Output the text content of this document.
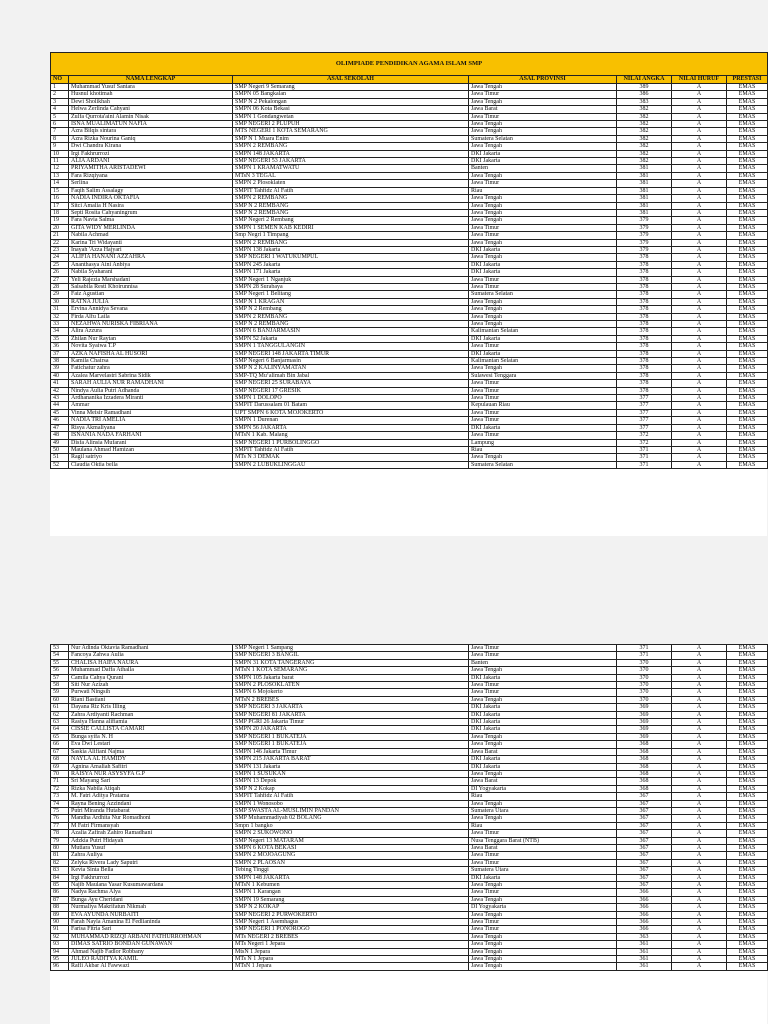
OLIMPIADE PENDIDIKAN AGAMA ISLAM SMP						
NO	NAMA LENGKAP	ASAL SEKOLAH	ASAL PROVINSI	NILAI ANGKA	NILAI HURUF	PRESTASI
1	Muhammad Yusuf Santara	SMP Negeri 9 Semarang	Jawa Tengah	389	A	EMAS
2	Husnul khotimah	SMPN 05 Bangkalan	Jawa Timur	386	A	EMAS
3	Dewi Sholikhah	SMP N 2 Pekalongan	Jawa Tengah	383	A	EMAS
4	Helwa Zerlinda Cahyani	SMPN 06 Kota Bekasi	Jawa Barat	382	A	EMAS
5	Zulfa Qurrota'aini Alamin Nisak	SMPN 1 Gondangwetan	Jawa Timur	382	A	EMAS
6	ISNA MUALIMATUN NAFIA	SMP NEGERI 2 PLUPUH	Jawa Tengah	382	A	EMAS
7	Azra Bilqis sintara	MTS NEGERI 1 KOTA SEMARANG	Jawa Tengah	382	A	EMAS
8	Azra Rizka Nourina Ganiq	SMP N 1 Muara Enim	Sumatera Selatan	382	A	EMAS
9	Dwi Chandra Kirana	SMPN 2 REMBANG	Jawa Tengah	382	A	EMAS
10	Irgi Fakhrurrozi	SMPN 148 JAKARTA	DKI Jakarta	382	A	EMAS
11	ALIA ARDANI	SMP NEGERI 53 JAKARTA	DKI Jakarta	382	A	EMAS
12	PRIYAMITHA ARISTADEWI	SMPN 1 KRAMATWATU	Banten	381	A	EMAS
13	Fara Rizqiyana	MTsN 3 TEGAL	Jawa Tengah	381	A	EMAS
14	Serlina	SMPN 2 Plosoklaten	Jawa Timur	381	A	EMAS
15	Faqih Salim Assalagy	SMPIT Tahfidz Al Fatih	Riau	381	A	EMAS
16	NADIA INDIRA OKTAFIA	SMPN 2 REMBANG	Jawa Tengah	381	A	EMAS
17	Sitci Amalia H Nasira	SMP N 2 REMBANG	Jawa Tengah	381	A	EMAS
18	Septi Rosita Cahyaningrum	SMP N 2 REMBANG	Jawa Tengah	381	A	EMAS
19	Fara Navia Salma	SMP Negeri 2 Rembang	Jawa Tengah	379	A	EMAS
20	GITA WIDY MERLINDA	SMPN 1 SEMEN KAB KEDIRI	Jawa Timur	379	A	EMAS
21	Nabila Achmad	Smp Negri 1 Timpang	Jawa Timur	379	A	EMAS
22	Karina Tri Widayanti	SMPN 2 REMBANG	Jawa Tengah	379	A	EMAS
23	Inayah 'Azza Hajyari	SMPN 138 Jakarta	DKI Jakarta	379	A	EMAS
24	ALIFIA HANANI AZZAHRA	SMP NEGERI 1 WATUKUMPUL	Jawa Tengah	378	A	EMAS
25	Ananthasya Aini Anbiya	SMPN 245 Jakarta	DKI Jakarta	378	A	EMAS
26	Nabila Syaharani	SMPN 171 Jakarta	DKI Jakarta	378	A	EMAS
27	Yeli Rajezia Marshadani	SMP Negeri 1 Nganjuk	Jawa Timur	378	A	EMAS
28	Salsabila Resti Khoirunnisa	SMPN 28 Surabaya	Jawa Timur	378	A	EMAS
29	Faiz Agustian	SMP Negeri 1 Belitang	Sumatera Selatan	378	A	EMAS
30	RATNA JULIA	SMP N 1 KRAGAN	Jawa Tengah	378	A	EMAS
31	Ervina Annidya Sevana	SMP N 2 Rembang	Jawa Tengah	378	A	EMAS
32	Firda Alfu Laila	SMPN 2 REMBANG	Jawa Tengah	378	A	EMAS
33	NEZAHWA NURISKA FIBRIANA	SMP N 2 REMBANG	Jawa Tengah	378	A	EMAS
34	Alira Azzura	SMPN 6 BANJARMASIN	Kalimantan Selatan	378	A	EMAS
35	Zhilan Nur Raytan	SMPN 52 Jakarta	DKI Jakarta	378	A	EMAS
36	Novita Syaiwa T.P	SMPN 1 TANGGULANGIN	Jawa Timur	378	A	EMAS
37	AZKA NAFISHA AL HUSORI	SMP NEGERI 148 JAKARTA TIMUR	DKI Jakarta	378	A	EMAS
38	Kamila Chairsa	SMP Negeri 6 Banjarmasin	Kalimantan Selatan	378	A	EMAS
39	Fatichatur zahra	SMP N 2 KALINYAMATAN	Jawa Tengah	378	A	EMAS
40	Azalea Marvelastri Sabrina Sidik	SMP-TQ Mu‘alimah Bin Jabal	Sulawesi Tenggara	378	A	EMAS
41	SARAH AULIA NUR RAMADHANI	SMP NEGERI 25 SURABAYA	Jawa Timur	378	A	EMAS
42	Nindya Aulia Putri Adhanda	SMP NEGERI 17 GRESIK	Jawa Timur	378	A	EMAS
43	Ardhananika Izzadera Miranti	SMPN 1 DOLOPO	Jawa Timur	377	A	EMAS
44	Ammar	SMPIT Darussalam 01 Batam	Kepulauan Riau	377	A	EMAS
45	Vinna Meisir Ramadhani	UPT SMPN 6 KOTA MOJOKERTO	Jawa Timur	377	A	EMAS
46	NADIA TRI AMELIA	SMPN 1 Durenan	Jawa Timur	377	A	EMAS
47	Risya Akmaliyana	SMPN 56 JAKARTA	DKI Jakarta	377	A	EMAS
48	ISNANIA NADA FARHANI	MTsN 1 Kab. Malang	Jawa Timur	372	A	EMAS
49	Disfa Alinsia Mufarani	SMP NEGERI 1 PURBOLINGGO	Lampung	372	A	EMAS
50	Maulana Ahmad Hamizan	SMPIT Tahfidz Al Fatih	Riau	371	A	EMAS
51	Ragil satriyo	MTs N 3 DEMAK	Jawa Tengah	371	A	EMAS
52	Claudia Oktia bella	SMPN 2 LUBUKLINGGAU	Sumatera Selatan	371	A	EMAS
53	Nur Adinda Oktavia Ramadhani	SMP Negeri 1 Sampang	Jawa Timur	371	A	EMAS
54	Fancoya Zahwa Aulia	SMP NEGERI 3 BANGIL	Jawa Timur	371	A	EMAS
55	CHALISA HAIFA NAURA	SMPN 31 KOTA TANGERANG	Banten	370	A	EMAS
56	Muhammad Daffa Athalla	MTsN 1 KOTA SEMARANG	Jawa Tengah	370	A	EMAS
57	Camila Cahya Qurani	SMPN 105 Jakarta barat	DKI Jakarta	370	A	EMAS
58	Siti Nur Azizah	SMPN 2 PLOSOKLATEN	Jawa Timur	370	A	EMAS
59	Purwati Ningsih	SMPN 6 Mojokerto	Jawa Timur	370	A	EMAS
60	Riani Bastiani	MTsN 2 BREBES	Jawa Tengah	370	A	EMAS
61	Dayana Riz Kris Illing	SMP NEGERI 3 JAKARTA	DKI Jakarta	369	A	EMAS
62	Zahra Ardiyanti Rachman	SMP NEGERI 81 JAKARTA	DKI Jakarta	369	A	EMAS
63	Rasiya Hanna alifiamia	SMP PGRI 26 Jakarta Timur	DKI Jakarta	369	A	EMAS
64	CISSIE CALLISTA CAMARI	SMPN 20 JAKARTA	DKI Jakarta	369	A	EMAS
65	Bunga syifa N. H	SMP NEGERI 1 BUKATEJA	Jawa Tengah	369	A	EMAS
66	Eva Dwi Lestari	SMP NEGERI 1 BUKATEJA	Jawa Tengah	368	A	EMAS
67	Saskia Alifiani Najma	SMPN 146 Jakarta Timur	Jawa Barat	368	A	EMAS
68	NAYLA AL HAMIDY	SMPN 215 JAKARTA BARAT	DKI Jakarta	368	A	EMAS
69	Agnina Amaliah Safitri	SMPN 131 Jakarta	DKI Jakarta	368	A	EMAS
70	RAISYA NUR ASYSYFA G.P	SMPN 1 SUSUKAN	Jawa Tengah	368	A	EMAS
71	Sri Mayang Sari	SMPN 13 Depok	Jawa Barat	368	A	EMAS
72	Rizka Nabila Atiqah	SMP N 2 Kokap	DI Yogyakarta	368	A	EMAS
73	M. Fatri Aditya Pratama	SMPIT Tahfidz Al Fatih	Riau	367	A	EMAS
74	Rayna Bening Azzindani	SMPN 1 Wonosobo	Jawa Tengah	367	A	EMAS
75	Putri Miranda Hutabarat	SMP SWASTA AL-MUSLIMIN PANDAN	Sumatera Utara	367	A	EMAS
76	Mandha Ardhita Nur Romadhoni	SMP Muhammadiyah 02 BOLANG	Jawa Tengah	367	A	EMAS
77	M Fatri Firmansyah	Smpn 1 bangko	Riau	367	A	EMAS
78	Azalia Zafirah Zahiro Ramadhani	SMPN 2 SUKOWONO	Jawa Timur	367	A	EMAS
79	Adzkia Putri Hidayah	SMP Negeri 13 MATARAM	Nusa Tenggara Barat (NTB)	367	A	EMAS
80	Mutiara Yusuf	SMPN 6 KOTA BEKASI	Jawa Barat	367	A	EMAS
81	Zahra Auliya	SMPN 2 MOJOAGUNG	Jawa Timur	367	A	EMAS
82	Zelyka Rivera Lady Saputri	SMPN 2 PLAOSAN	Jawa Timur	367	A	EMAS
83	Kevia Sinta Bella	Tebing Tinggi	Sumatera Utara	367	A	EMAS
84	Irgi Fakhrurrozi	SMPN 148 JAKARTA	DKI Jakarta	367	A	EMAS
85	Najib Maulana Yasar Kusumawardana	MTsN 1 Kebumen	Jawa Tengah	367	A	EMAS
86	Nadya Rachma Alya	SMPN 1 Karangan	Jawa Timur	366	A	EMAS
87	Bunga Ayu Cheridani	SMPN 19 Semarang	Jawa Tengah	366	A	EMAS
88	Nurmaliya Makrifatun Nikmah	SMP N 2 KOKAP	DI Yogyakarta	366	A	EMAS
89	EVA AYUNDA NURBAITI	SMP NEGERI 2 PURWOKERTO	Jawa Tengah	366	A	EMAS
90	Farah Nayla Amanina El Fedlianinda	SMP Negeri 1 Asemhagus	Jawa Timur	366	A	EMAS
91	Farisa Fitria Sari	SMP NEGERI 1 PONOROGO	Jawa Timur	366	A	EMAS
92	MUHAMMAD RIZQI ARBANI FATHURROHMAN	MTs NEGERI 2 BREBES	Jawa Tengah	363	A	EMAS
93	DIMAS SATRIO BONDAN GUNAWAN	MTs Negeri 1 Jepara	Jawa Tengah	361	A	EMAS
94	Ahmad Najib Fadlor Robbany	MtsN 1 Jepara	Jawa Tengah	361	A	EMAS
95	JULEO RADITYA KAMIL	MTs N 1 Jepara	Jawa Tengah	361	A	EMAS
96	Rafli Akbar Al Fawwazi	MTsN 1 Jepara	Jawa Tengah	361	A	EMAS
